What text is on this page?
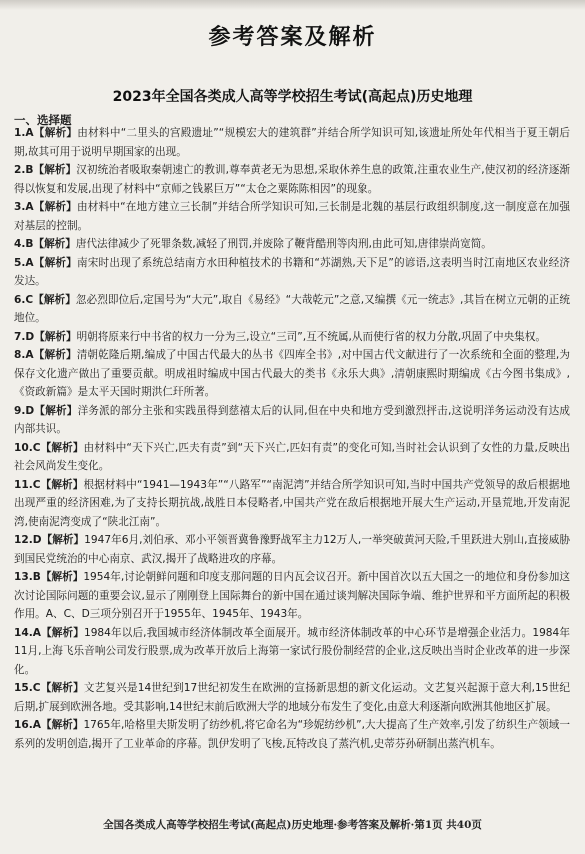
参考答案及解析
2023年全国各类成人高等学校招生考试(高起点)历史地理
一、选择题
1.A【解析】由材料中“二里头的宫殿遗址”“规模宏大的建筑群”并结合所学知识可知,该遗址所处年代相当于夏王朝后期,故其可用于说明早期国家的出现。
2.B【解析】汉初统治者吸取秦朝速亡的教训,尊奉黄老无为思想,采取休养生息的政策,注重农业生产,使汉初的经济逐渐得以恢复和发展,出现了材料中“京师之钱累巨万”“太仓之粟陈陈相因”的现象。
3.A【解析】由材料中“在地方建立三长制”并结合所学知识可知,三长制是北魏的基层行政组织制度,这一制度意在加强对基层的控制。
4.B【解析】唐代法律减少了死罪条数,减轻了刑罚,并废除了鞭背酷刑等肉刑,由此可知,唐律崇尚宽简。
5.A【解析】南宋时出现了系统总结南方水田种植技术的书籍和“苏湖熟,天下足”的谚语,这表明当时江南地区农业经济发达。
6.C【解析】忽必烈即位后,定国号为“大元”,取自《易经》“大哉乾元”之意,又编撰《元一统志》,其旨在树立元朝的正统地位。
7.D【解析】明朝将原来行中书省的权力一分为三,设立“三司”,互不统属,从而使行省的权力分散,巩固了中央集权。
8.A【解析】清朝乾隆后期,编成了中国古代最大的丛书《四库全书》,对中国古代文献进行了一次系统和全面的整理,为保存文化遗产做出了重要贡献。明成祖时编成中国古代最大的类书《永乐大典》,清朝康熙时期编成《古今图书集成》,《资政新篇》是太平天国时期洪仁玕所著。
9.D【解析】洋务派的部分主张和实践虽得到慈禧太后的认同,但在中央和地方受到激烈抨击,这说明洋务运动没有达成内部共识。
10.C【解析】由材料中“天下兴亡,匹夫有责”到“天下兴亡,匹妇有责”的变化可知,当时社会认识到了女性的力量,反映出社会风尚发生变化。
11.C【解析】根据材料中“1941—1943年”“八路军”“南泥湾”并结合所学知识可知,当时中国共产党领导的敌后根据地出现严重的经济困难,为了支持长期抗战,战胜日本侵略者,中国共产党在敌后根据地开展大生产运动,开垦荒地,开发南泥湾,使南泥湾变成了“陕北江南”。
12.D【解析】1947年6月,刘伯承、邓小平领晋冀鲁豫野战军主力12万人,一举突破黄河天险,千里跃进大别山,直接威胁到国民党统治的中心南京、武汉,揭开了战略进攻的序幕。
13.B【解析】1954年,讨论朝鲜问题和印度支那问题的日内瓦会议召开。新中国首次以五大国之一的地位和身份参加这次讨论国际问题的重要会议,显示了刚刚登上国际舞台的新中国在通过谈判解决国际争端、维护世界和平方面所起的积极作用。A、C、D三项分别召开于1955年、1945年、1943年。
14.A【解析】1984年以后,我国城市经济体制改革全面展开。城市经济体制改革的中心环节是增强企业活力。1984年11月,上海飞乐音响公司发行股票,成为改革开放后上海第一家试行股份制经营的企业,这反映出当时企业改革的进一步深化。
15.C【解析】文艺复兴是14世纪到17世纪初发生在欧洲的宣扬新思想的新文化运动。文艺复兴起源于意大利,15世纪后期,扩展到欧洲各地。受其影响,14世纪末前后欧洲大学的地域分布发生了变化,由意大利逐渐向欧洲其他地区扩展。
16.A【解析】1765年,哈格里夫斯发明了纺纱机,将它命名为“珍妮纺纱机”,大大提高了生产效率,引发了纺织生产领域一系列的发明创造,揭开了工业革命的序幕。凯伊发明了飞梭,瓦特改良了蒸汽机,史蒂芬孙研制出蒸汽机车。
全国各类成人高等学校招生考试(高起点)历史地理·参考答案及解析·第1页 共40页
